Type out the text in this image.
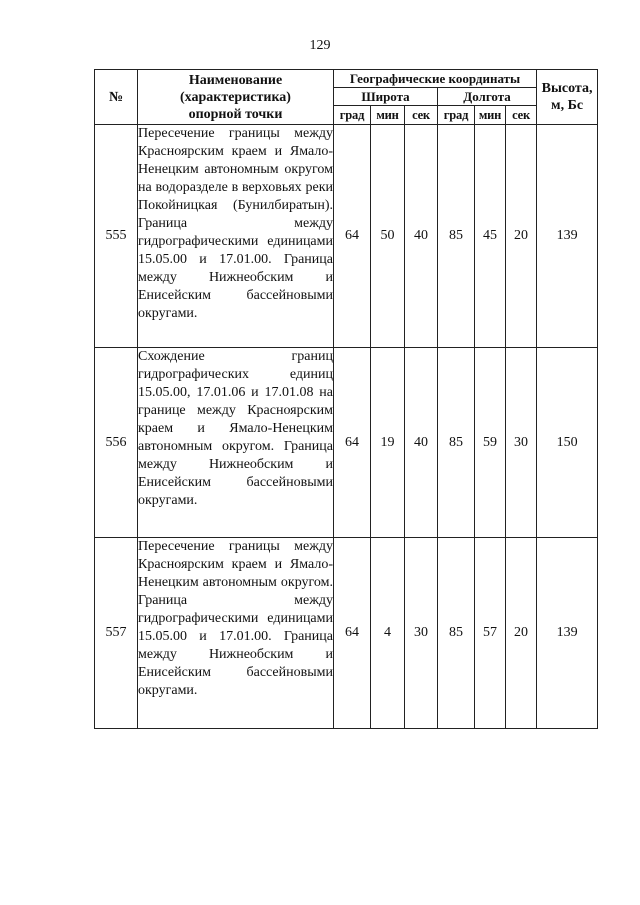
129
№	Наименование
(характеристика)
опорной точки	Географические координаты						Высота,
м, Бс

		Широта			Долгота			
		град	мин	сек	град	мин	сек	
555	Пересечение границы между Красноярским краем и Ямало-Ненецким автономным округом на водоразделе в верховьях реки Покойницкая (Бунилбиратын). Граница между гидрографическими единицами 15.05.00 и 17.01.00. Граница между Нижнеобским и Енисейским бассейновыми округами.	64	50	40	85	45	20	139
556	Схождение границ гидрографических единиц 15.05.00, 17.01.06 и 17.01.08 на границе между Красноярским краем и Ямало-Ненецким автономным округом. Граница между Нижнеобским и Енисейским бассейновыми округами.	64	19	40	85	59	30	150
557	Пересечение границы между Красноярским краем и Ямало-Ненецким автономным округом. Граница между гидрографическими единицами 15.05.00 и 17.01.00. Граница между Нижнеобским и Енисейским бассейновыми округами.	64	4	30	85	57	20	139
